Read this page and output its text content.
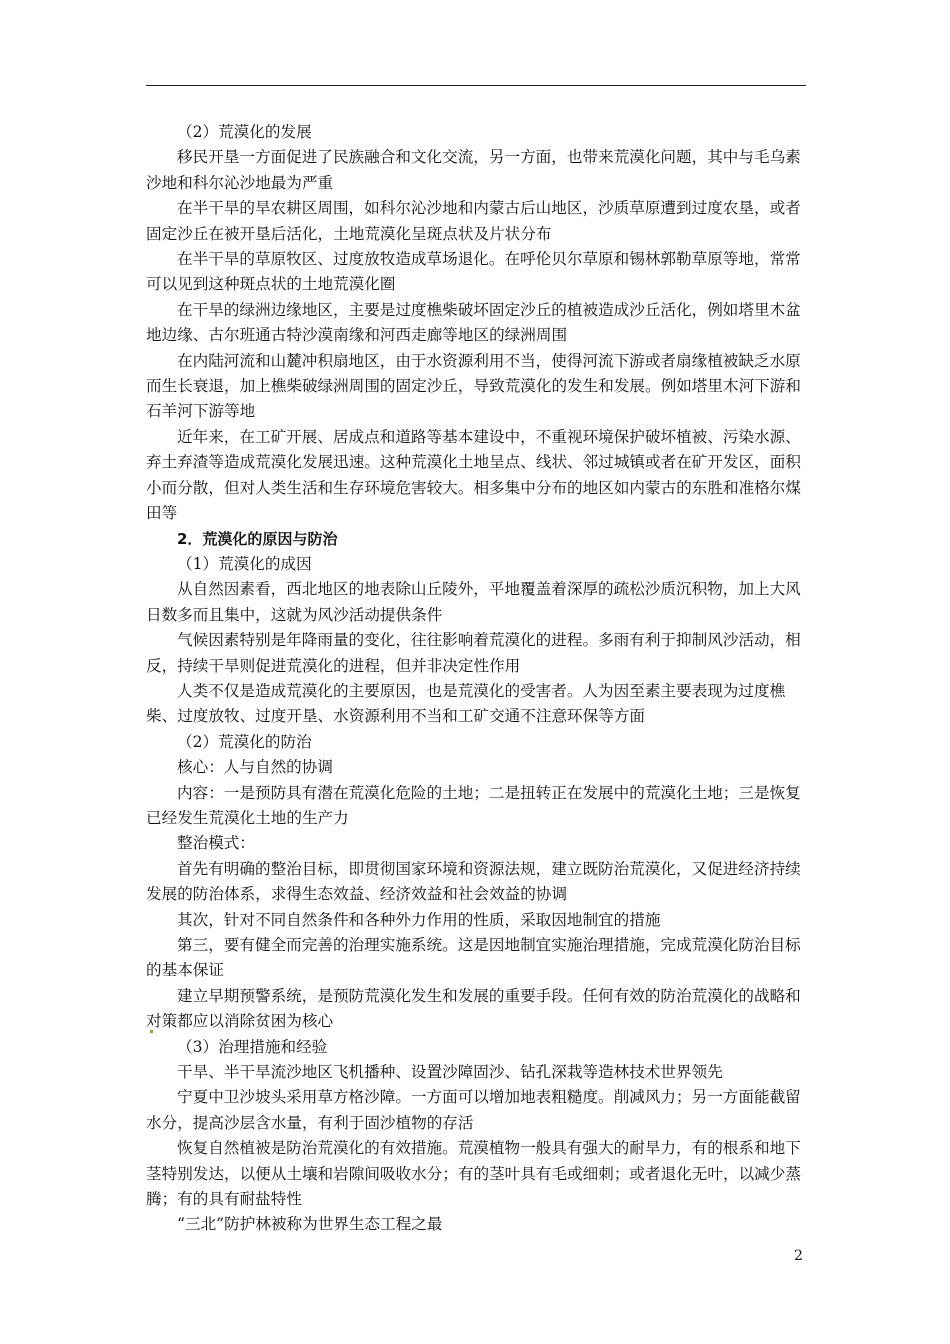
（2）荒漠化的发展

移民开垦一方面促进了民族融合和文化交流，另一方面，也带来荒漠化问题，其中与毛乌素沙地和科尔沁沙地最为严重

在半干旱的旱农耕区周围，如科尔沁沙地和内蒙古后山地区，沙质草原遭到过度农垦，或者固定沙丘在被开垦后活化，土地荒漠化呈斑点状及片状分布

在半干旱的草原牧区、过度放牧造成草场退化。在呼伦贝尔草原和锡林郭勒草原等地，常常可以见到这种斑点状的土地荒漠化圈

在干旱的绿洲边缘地区，主要是过度樵柴破坏固定沙丘的植被造成沙丘活化，例如塔里木盆地边缘、古尔班通古特沙漠南缘和河西走廊等地区的绿洲周围

在内陆河流和山麓冲积扇地区，由于水资源利用不当，使得河流下游或者扇缘植被缺乏水原而生长衰退，加上樵柴破绿洲周围的固定沙丘，导致荒漠化的发生和发展。例如塔里木河下游和石羊河下游等地

近年来，在工矿开展、居成点和道路等基本建设中，不重视环境保护破坏植被、污染水源、弃土弃渣等造成荒漠化发展迅速。这种荒漠化土地呈点、线状、邻过城镇或者在矿开发区，面积小而分散，但对人类生活和生存环境危害较大。相多集中分布的地区如内蒙古的东胜和准格尔煤田等

2．荒漠化的原因与防治

（1）荒漠化的成因

从自然因素看，西北地区的地表除山丘陵外，平地覆盖着深厚的疏松沙质沉积物，加上大风日数多而且集中，这就为风沙活动提供条件

气候因素特别是年降雨量的变化，往往影响着荒漠化的进程。多雨有利于抑制风沙活动，相反，持续干旱则促进荒漠化的进程，但并非决定性作用

人类不仅是造成荒漠化的主要原因，也是荒漠化的受害者。人为因至素主要表现为过度樵柴、过度放牧、过度开垦、水资源利用不当和工矿交通不注意环保等方面

（2）荒漠化的防治

核心：人与自然的协调

内容：一是预防具有潜在荒漠化危险的土地；二是扭转正在发展中的荒漠化土地；三是恢复已经发生荒漠化土地的生产力

整治模式：

首先有明确的整治目标，即贯彻国家环境和资源法规，建立既防治荒漠化，又促进经济持续发展的防治体系，求得生态效益、经济效益和社会效益的协调

其次，针对不同自然条件和各种外力作用的性质，采取因地制宜的措施

第三，要有健全而完善的治理实施系统。这是因地制宜实施治理措施，完成荒漠化防治目标的基本保证

建立早期预警系统，是预防荒漠化发生和发展的重要手段。任何有效的防治荒漠化的战略和对策都应以消除贫困为核心

（3）治理措施和经验

干旱、半干旱流沙地区飞机播种、设置沙障固沙、钻孔深栽等造林技术世界领先

宁夏中卫沙坡头采用草方格沙障。一方面可以增加地表粗糙度。削减风力；另一方面能截留水分，提高沙层含水量，有利于固沙植物的存活

恢复自然植被是防治荒漠化的有效措施。荒漠植物一般具有强大的耐旱力，有的根系和地下茎特别发达，以便从土壤和岩隙间吸收水分；有的茎叶具有毛或细刺；或者退化无叶，以减少蒸腾；有的具有耐盐特性

“三北”防护林被称为世界生态工程之最

2
